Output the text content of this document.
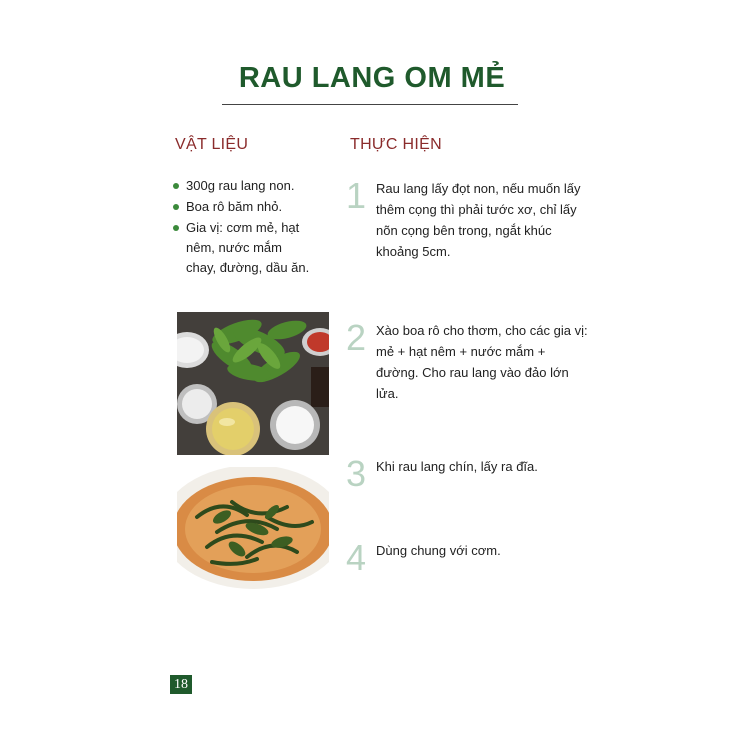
RAU LANG OM MẺ
VẬT LIỆU	THỰC HIỆN
300g rau lang non.
Boa rô băm nhỏ.
Gia vị: cơm mẻ, hạt nêm, nước mắm chay, đường, dầu ăn.
1 Rau lang lấy đọt non, nếu muốn lấy thêm cọng thì phải tước xơ, chỉ lấy nõn cọng bên trong, ngắt khúc khoảng 5cm.
2 Xào boa rô cho thơm, cho các gia vị: mẻ + hạt nêm + nước mắm + đường. Cho rau lang vào đảo lớn lửa.
3 Khi rau lang chín, lấy ra đĩa.
4 Dùng chung với cơm.
18
